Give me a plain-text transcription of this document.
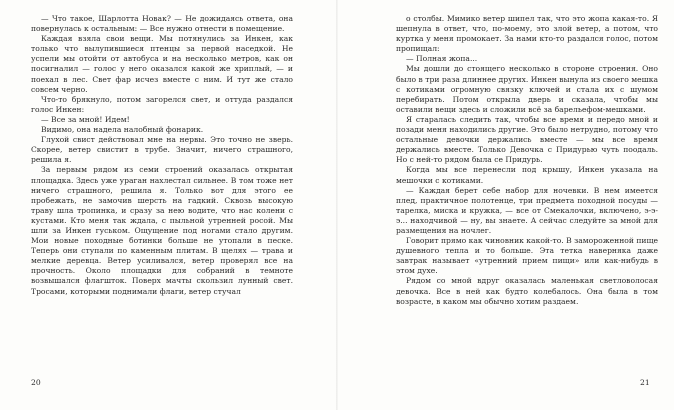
— Что такое, Шарлотта Новак? — Не дожидаясь ответа, она повернулась к остальным: — Все нужно отнести в помещение.

Каждая взяла свои вещи. Мы потянулись за Инкен, как только что вылупившиеся птенцы за первой наседкой. Не успели мы отойти от автобуса и на несколько метров, как он посигналил — голос у него оказался какой же хриплый, — и поехал в лес. Свет фар исчез вместе с ним. И тут же стало совсем черно.

Что-то брякнуло, потом загорелся свет, и оттуда раздался голос Инкен:

— Все за мной! Идем!

Видимо, она надела налобный фонарик.

Глухой свист действовал мне на нервы. Это точно не зверь. Скорее, ветер свистит в трубе. Значит, ничего страшного, решила я.

За первым рядом из семи строений оказалась открытая площадка. Здесь уже ураган нахлестал сильнее. В том тоже нет ничего страшного, решила я. Только вот для этого ее пробежать, не замочив шерсть на гадкий. Сквозь высокую траву шла тропинка, и сразу за нею водите, что нас колени с кустами. Кто меня так ждала, с пыльной утренней росой. Мы шли за Инкен гуськом. Ощущение под ногами стало другим. Мои новые походные ботинки больше не утопали в песке. Теперь они ступали по каменным плитам. В щелях — трава и мелкие деревца. Ветер усиливался, ветер проверял все на прочность. Около площадки для собраний в темноте возвышался флагшток. Поверх мачты скользил лунный свет. Тросами, которыми поднимали флаги, ветер стучал

о столбы. Мимико ветер шипел так, что это жопа какая-то. Я шепнула в ответ, что, по-моему, это злой ветер, а потом, что куртка у меня промокает. За нами кто-то раздался голос, потом пропищал:

— Полная жопа...

Мы дошли до стоящего несколько в стороне строения. Оно было в три раза длиннее других. Инкен вынула из своего мешка с котиками огромную связку ключей и стала их с шумом перебирать. Потом открыла дверь и сказала, чтобы мы оставили вещи здесь и сложили всё за барельефом-мешками.

Я старалась следить так, чтобы все время и передо мной и позади меня находились другие. Это было нетрудно, потому что остальные девочки держались вместе — мы все время держались вместе. Только Девочка с Придурью чуть поодаль. Но с ней-то рядом была се Придурь.

Когда мы все перенесли под крышу, Инкен указала на мешочки с котиками.

— Каждая берет себе набор для ночевки. В нем имеется плед, практичное полотенце, три предмета походной посуды — тарелка, миска и кружка, — все от Смекалочки, включено, э-э-э... находчивой — ну, вы знаете. А сейчас следуйте за мной для размещения на ночлег.

Говорит прямо как чиновник какой-то. В замороженной пище душевного тепла и то больше. Эта тетка наверняка даже завтрак называет «утренний прием пищи» или как-нибудь в этом духе.

Рядом со мной вдруг оказалась маленькая светловолосая девочка. Все в ней как будто колебалось. Она была в том возрасте, в каком мы обычно хотим раздаем.

20	21
